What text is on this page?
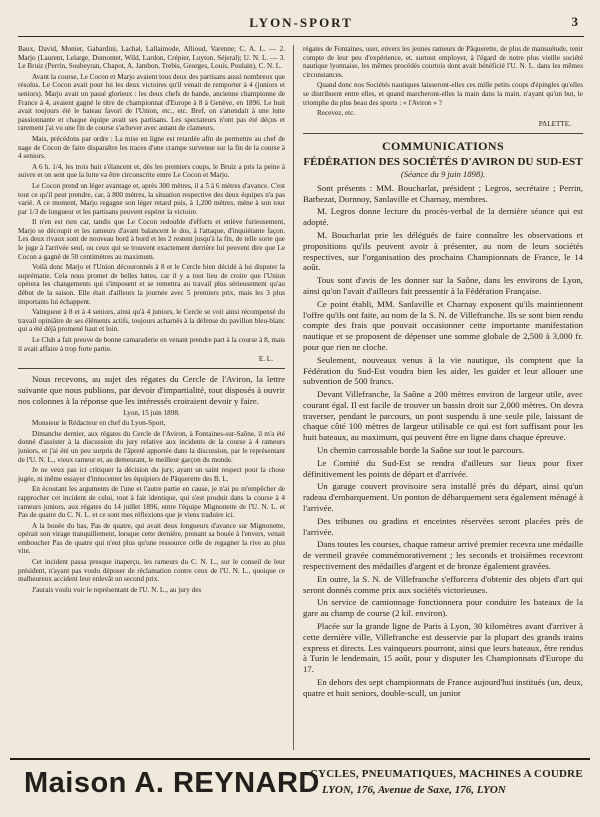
LYON-SPORT	3

Baux, David, Monier, Gabardini, Lachal, Lallaimode, Allioud, Varenne; C. A. L. — 2. Marjo (Laurent, Lelarge, Dumontet, Wild, Lardon, Crépier, Luyton, Séjeral); U. N. L. — 3. Le Bruiz (Perrin, Soubeyran, Chapot, A. Jambon, Trebis, Georges, Louis, Poulain), C. N. L.

Avant la course, Le Cocon et Marjo avaient tous deux des partisans aussi nombreux que résolus. Le Cocon avait pour lui les deux victoires qu'il venait de remporter à 4 (juniors et seniors). Marjo avait un passé glorieux : les deux chefs de bande, ancienne championne de France à 4, avaient gagné le titre de championnat d'Europe à 8 à Genève, en 1896. Le huit avait toujours été le bateau favori de l'Union, etc., etc. Bref, on s'attendait à une lutte passionnante et chaque équipe avait ses partisans. Les spectateurs n'ont pas été déçus et rarement j'ai vu une fin de course s'achever avec autant de clameurs.

Mais, précédons par ordre : La mise en ligne est retardée afin de permettre au chef de nage de Cocon de faire disparaître les traces d'une crampe survenue sur la fin de la course à 4 seniors.

A 6 h. 1/4, les trois huit s'élancent et, dès les premiers coups, le Bruiz a pris la peine à suivre et on sent que la lutte va être circonscrite entre Le Cocon et Marjo.

Le Cocon prend un léger avantage et, après 300 mètres, il a 5 à 6 mètres d'avance. C'est tout ce qu'il peut prendre, car, à 800 mètres, la situation respective des deux équipes n'a pas varié. A ce moment, Marjo regagne son léger retard puis, à 1,200 mètres, mène à son tour par 1/3 de longueur et les partisans peuvent espérer la victoire.

Il n'en est rien car, tandis que Le Cocon redouble d'efforts et enlève furieusement, Marjo se découpit et les rameurs d'avant balancent le dos, à l'attaque, d'inquiétante façon. Les deux rivaux sont de nouveau bord à bord et les 2 restent jusqu'à la fin, de telle sorte que le juge à l'arrivée seul, ou ceux qui se trouvent exactement derrière lui peuvent dire que Le Cocon a gagné de 50 centimètres au maximum.

Voilà donc Marjo et l'Union découronnés à 8 et le Cercle bien décidé à lui disputer la suprématie. Cela nous promet de belles luttes, car il y a tout lieu de croire que l'Union opérera les changements qui s'imposent et se remettra au travail plus sérieusement qu'au début de la saison. Elle était d'ailleurs la journée avec 5 premiers prix, mais les 3 plus importants lui échappent.

Vainqueur à 8 et à 4 seniors, ainsi qu'à 4 juniors, le Cercle se voit ainsi récompensé du travail opiniâtre de ses éléments actifs, toujours acharnés à la défense du pavillon bleu-blanc qui a été déjà promené haut et loin.

Le Club a fait preuve de bonne camaraderie en venant prendre part à la course à 8, mais il avait affaire à trop forte partie.

E. L.

Nous recevons, au sujet des régates du Cercle de l'Aviron, la lettre suivante que nous publions, par devoir d'impartialité, tout disposés à ouvrir nos colonnes à la réponse que les intéressés croiraient devoir y faire.

Lyon, 15 juin 1898.

Monsieur le Rédacteur en chef du Lyon-Sport,

Dimanche dernier, aux régates du Cercle de l'Aviron, à Fontaines-sur-Saône, il m'a été donné d'assister à la discussion du jury relative aux incidents de la course à 4 rameurs juniors, et j'ai été un peu surpris de l'âpreté apportée dans la discussion, par le représentant de l'U. N. L., vieux rameur et, au demeurant, le meilleur garçon du monde.

Je ne veux pas ici critiquer la décision du jury, ayant un saint respect pour la chose jugée, ni même essayer d'innocenter les équipiers de Pâquerette des B. L.

En écoutant les arguments de l'une et l'autre partie en cause, je n'ai pu m'empêcher de rapprocher cet incident de celui, tout à fait identique, qui s'est produit dans la course à 4 rameurs juniors, aux régates du 14 juillet 1896, entre l'équipe Mignonette de l'U. N. L. et Pas de quatre du C. N. L. et ce sont mes réflexions que je viens traduire ici.

A la bouée du bas, Pas de quatre, qui avait deux longueurs d'avance sur Mignonette, opérait son virage tranquillement, lorsque cette dernière, prenant sa bouée à l'envers, venait emboucher Pas de quatre qui n'eut plus qu'une ressource celle de regagner la rive au plus vite.

Cet incident passa presque inaperçu, les rameurs du C. N. L., sur le conseil de leur président, n'ayant pas voulu déposer de réclamation contre ceux de l'U. N. L., quoique ce malheureux accident leur enlevât un second prix.

J'aurais voulu voir le représentant de l'U. N. L., au jury des

régates de Fontaines, user, envers les jeunes rameurs de Pâquerette, de plus de mansuétude, tenir compte de leur peu d'expérience, et, surtout employer, à l'égard de notre plus vieille société nautique lyonnaise, les mêmes procédés courtois dont avait bénéficié l'U. N. L. dans les mêmes circonstances.

Quand donc nos Sociétés nautiques laisseront-elles ces mille petits coups d'épingles qu'elles se distribuent entre elles, et quand marcheront-elles la main dans la main, n'ayant qu'un but, le triomphe du plus beau des sports : « l'Aviron » ?

Recevez, etc.

PALETTE.

COMMUNICATIONS
FÉDÉRATION DES SOCIÉTÉS D'AVIRON DU SUD-EST
(Séance du 9 juin 1898).

Sont présents : MM. Boucharlat, président ; Legros, secrétaire ; Perrin, Barbezat, Dornnoy, Sanlaville et Charnay, membres.

M. Legros donne lecture du procès-verbal de la dernière séance qui est adopté.

M. Boucharlat prie les délégués de faire connaître les observations et propositions qu'ils peuvent avoir à présenter, au nom de leurs sociétés respectives, sur l'organisation des prochains Championnats de France, le 14 août.

Tous sont d'avis de les donner sur la Saône, dans les environs de Lyon, ainsi qu'on l'avait d'ailleurs fait pressentir à la Fédération Française.

Ce point établi, MM. Sanlaville et Charnay exposent qu'ils maintiennent l'offre qu'ils ont faite, au nom de la S. N. de Villefranche. Ils se sont bien rendu compte des frais que pouvait occasionner cette importante manifestation nautique et se proposent de dépenser une somme globale de 2,500 à 3,000 fr. pour que rien ne cloche.

Seulement, nouveaux venus à la vie nautique, ils comptent que la Fédération du Sud-Est voudra bien les aider, les guider et leur allouer une subvention de 500 francs.

Devant Villefranche, la Saône a 200 mètres environ de largeur utile, avec courant égal. Il est facile de trouver un bassin droit sur 2,000 mètres. On devra traverser, pendant le parcours, un pont suspendu à une seule pile, laissant de chaque côté 100 mètres de largeur utilisable ce qui est fort suffisant pour les huit bateaux, au maximum, qui peuvent être en ligne dans chaque épreuve.

Un chemin carrossable borde la Saône sur tout le parcours.

Le Comité du Sud-Est se rendra d'ailleurs sur lieux pour fixer définitivement les points de départ et d'arrivée.

Un garage couvert provisoire sera installé près du départ, ainsi qu'un radeau d'embarquement. Un ponton de débarquement sera également ménagé à l'arrivée.

Des tribunes ou gradins et enceintes réservées seront placées près de l'arrivée.

Dans toutes les courses, chaque rameur arrivé premier recevra une médaille de vermeil gravée commémorativement ; les seconds et troisièmes recevront respectivement des médailles d'argent et de bronze également gravées.

En outre, la S. N. de Villefranche s'efforcera d'obtenir des objets d'art qui seront donnés comme prix aux sociétés victorieuses.

Un service de camionnage fonctionnera pour conduire les bateaux de la gare au champ de course (2 kil. environ).

Placée sur la grande ligne de Paris à Lyon, 30 kilomètres avant d'arriver à cette dernière ville, Villefranche est desservie par la plupart des grands trains express et directs. Les vainqueurs pourront, ainsi que leurs bateaux, être rendus à Turin le lendemain, 15 août, pour y disputer les Championnats d'Europe du 17.

En dehors des sept championnats de France aujourd'hui institués (un, deux, quatre et huit seniors, double-scull, un junior

Maison A. REYNARD
CYCLES, PNEUMATIQUES, MACHINES A COUDRE
LYON, 176, Avenue de Saxe, 176, LYON
